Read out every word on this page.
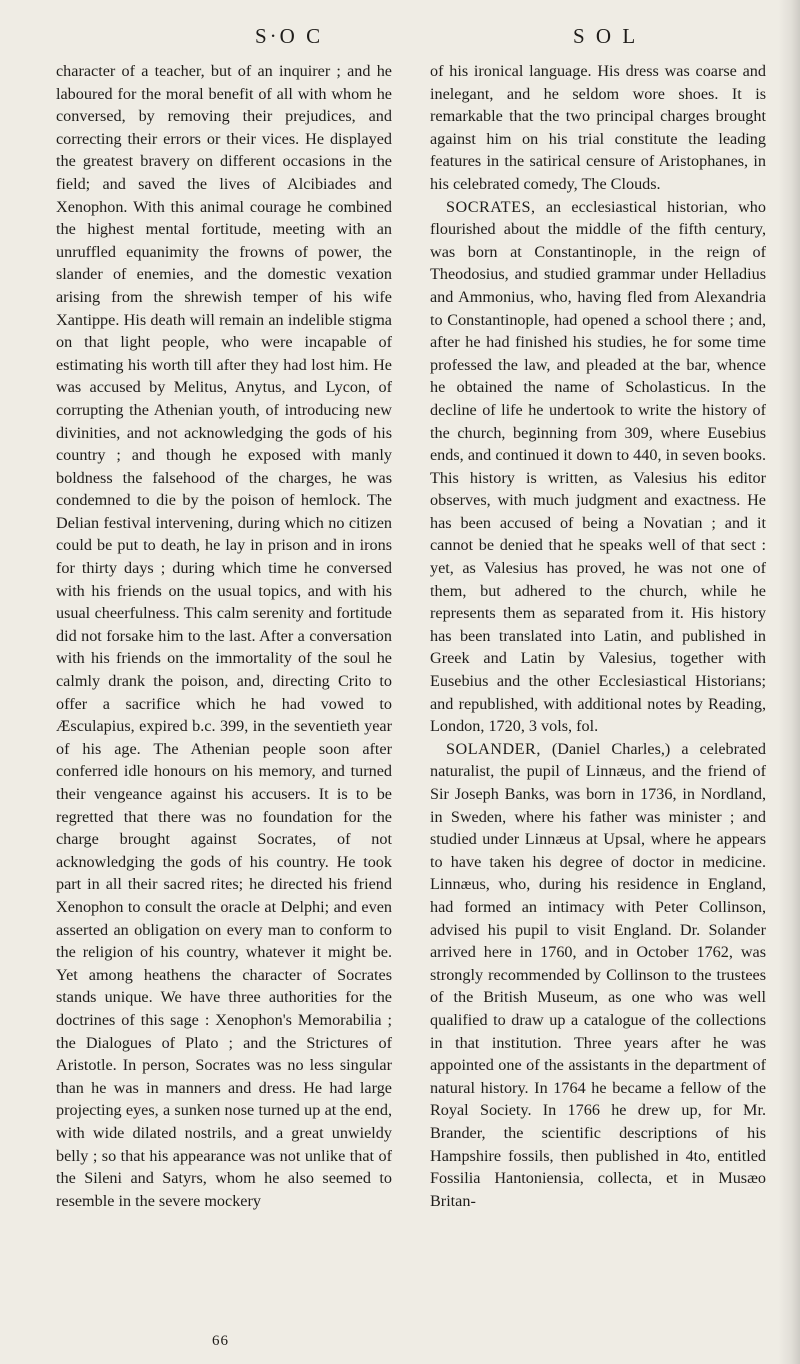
S·O C	S O L

character of a teacher, but of an inquirer ; and he laboured for the moral benefit of all with whom he conversed, by removing their prejudices, and correcting their errors or their vices. He displayed the greatest bravery on different occasions in the field; and saved the lives of Alcibiades and Xenophon. With this animal courage he combined the highest mental fortitude, meeting with an unruffled equanimity the frowns of power, the slander of enemies, and the domestic vexation arising from the shrewish temper of his wife Xantippe. His death will remain an indelible stigma on that light people, who were incapable of estimating his worth till after they had lost him. He was accused by Melitus, Anytus, and Lycon, of corrupting the Athenian youth, of introducing new divinities, and not acknowledging the gods of his country ; and though he exposed with manly boldness the falsehood of the charges, he was condemned to die by the poison of hemlock. The Delian festival intervening, during which no citizen could be put to death, he lay in prison and in irons for thirty days ; during which time he conversed with his friends on the usual topics, and with his usual cheerfulness. This calm serenity and fortitude did not forsake him to the last. After a conversation with his friends on the immortality of the soul he calmly drank the poison, and, directing Crito to offer a sacrifice which he had vowed to Æsculapius, expired b.c. 399, in the seventieth year of his age. The Athenian people soon after conferred idle honours on his memory, and turned their vengeance against his accusers. It is to be regretted that there was no foundation for the charge brought against Socrates, of not acknowledging the gods of his country. He took part in all their sacred rites; he directed his friend Xenophon to consult the oracle at Delphi; and even asserted an obligation on every man to conform to the religion of his country, whatever it might be. Yet among heathens the character of Socrates stands unique. We have three authorities for the doctrines of this sage : Xenophon's Memorabilia ; the Dialogues of Plato ; and the Strictures of Aristotle. In person, Socrates was no less singular than he was in manners and dress. He had large projecting eyes, a sunken nose turned up at the end, with wide dilated nostrils, and a great unwieldy belly ; so that his appearance was not unlike that of the Sileni and Satyrs, whom he also seemed to resemble in the severe mockery

of his ironical language. His dress was coarse and inelegant, and he seldom wore shoes. It is remarkable that the two principal charges brought against him on his trial constitute the leading features in the satirical censure of Aristophanes, in his celebrated comedy, The Clouds.

SOCRATES, an ecclesiastical historian, who flourished about the middle of the fifth century, was born at Constantinople, in the reign of Theodosius, and studied grammar under Helladius and Ammonius, who, having fled from Alexandria to Constantinople, had opened a school there ; and, after he had finished his studies, he for some time professed the law, and pleaded at the bar, whence he obtained the name of Scholasticus. In the decline of life he undertook to write the history of the church, beginning from 309, where Eusebius ends, and continued it down to 440, in seven books. This history is written, as Valesius his editor observes, with much judgment and exactness. He has been accused of being a Novatian ; and it cannot be denied that he speaks well of that sect : yet, as Valesius has proved, he was not one of them, but adhered to the church, while he represents them as separated from it. His history has been translated into Latin, and published in Greek and Latin by Valesius, together with Eusebius and the other Ecclesiastical Historians; and republished, with additional notes by Reading, London, 1720, 3 vols, fol.

SOLANDER, (Daniel Charles,) a celebrated naturalist, the pupil of Linnæus, and the friend of Sir Joseph Banks, was born in 1736, in Nordland, in Sweden, where his father was minister ; and studied under Linnæus at Upsal, where he appears to have taken his degree of doctor in medicine. Linnæus, who, during his residence in England, had formed an intimacy with Peter Collinson, advised his pupil to visit England. Dr. Solander arrived here in 1760, and in October 1762, was strongly recommended by Collinson to the trustees of the British Museum, as one who was well qualified to draw up a catalogue of the collections in that institution. Three years after he was appointed one of the assistants in the department of natural history. In 1764 he became a fellow of the Royal Society. In 1766 he drew up, for Mr. Brander, the scientific descriptions of his Hampshire fossils, then published in 4to, entitled Fossilia Hantoniensia, collecta, et in Musæo Britan-

66
